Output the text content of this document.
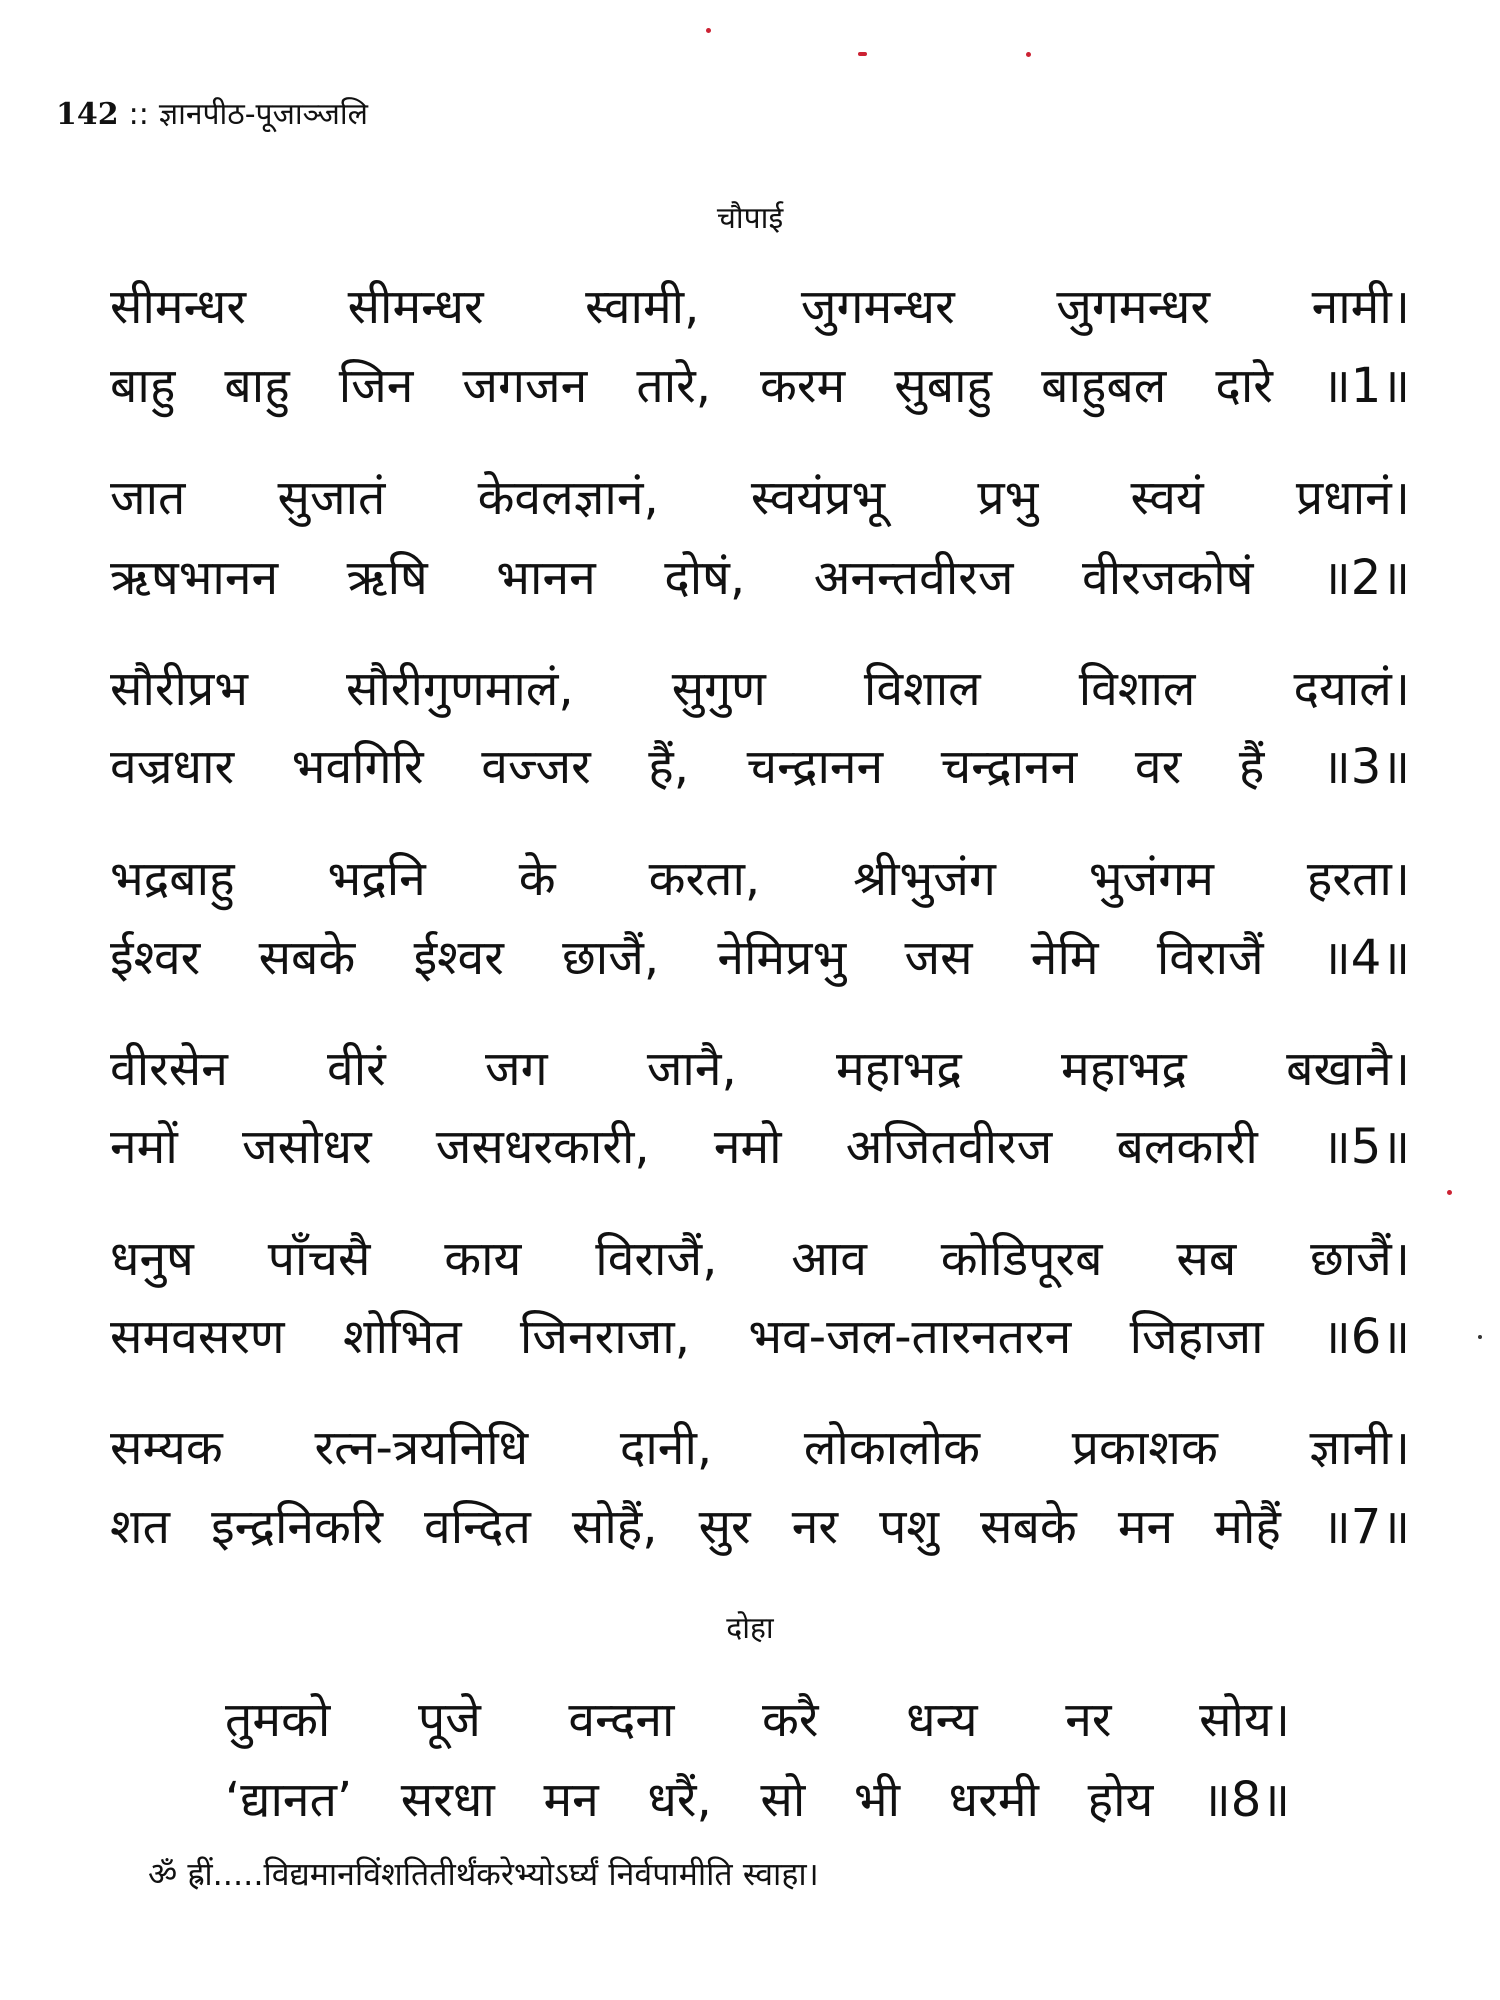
142 :: ज्ञानपीठ-पूजाञ्जलि
चौपाई
सीमन्धर सीमन्धर स्वामी, जुगमन्धर जुगमन्धर नामी।
बाहु बाहु जिन जगजन तारे, करम सुबाहु बाहुबल दारे ॥1॥
जात सुजातं केवलज्ञानं, स्वयंप्रभू प्रभु स्वयं प्रधानं।
ऋषभानन ऋषि भानन दोषं, अनन्तवीरज वीरजकोषं ॥2॥
सौरीप्रभ सौरीगुणमालं, सुगुण विशाल विशाल दयालं।
वज्रधार भवगिरि वज्जर हैं, चन्द्रानन चन्द्रानन वर हैं ॥3॥
भद्रबाहु भद्रनि के करता, श्रीभुजंग भुजंगम हरता।
ईश्वर सबके ईश्वर छाजैं, नेमिप्रभु जस नेमि विराजैं ॥4॥
वीरसेन वीरं जग जानै, महाभद्र महाभद्र बखानै।
नमों जसोधर जसधरकारी, नमो अजितवीरज बलकारी ॥5॥
धनुष पाँचसै काय विराजैं, आव कोडिपूरब सब छाजैं।
समवसरण शोभित जिनराजा, भव-जल-तारनतरन जिहाजा ॥6॥
सम्यक रत्न-त्रयनिधि दानी, लोकालोक प्रकाशक ज्ञानी।
शत इन्द्रनिकरि वन्दित सोहैं, सुर नर पशु सबके मन मोहैं ॥7॥
दोहा
तुमको पूजे वन्दना करै धन्य नर सोय।
‘द्यानत’ सरधा मन धरैं, सो भी धरमी होय ॥8॥
ॐ ह्रीं.....विद्यमानविंशतितीर्थंकरेभ्योऽर्घ्यं निर्वपामीति स्वाहा।
